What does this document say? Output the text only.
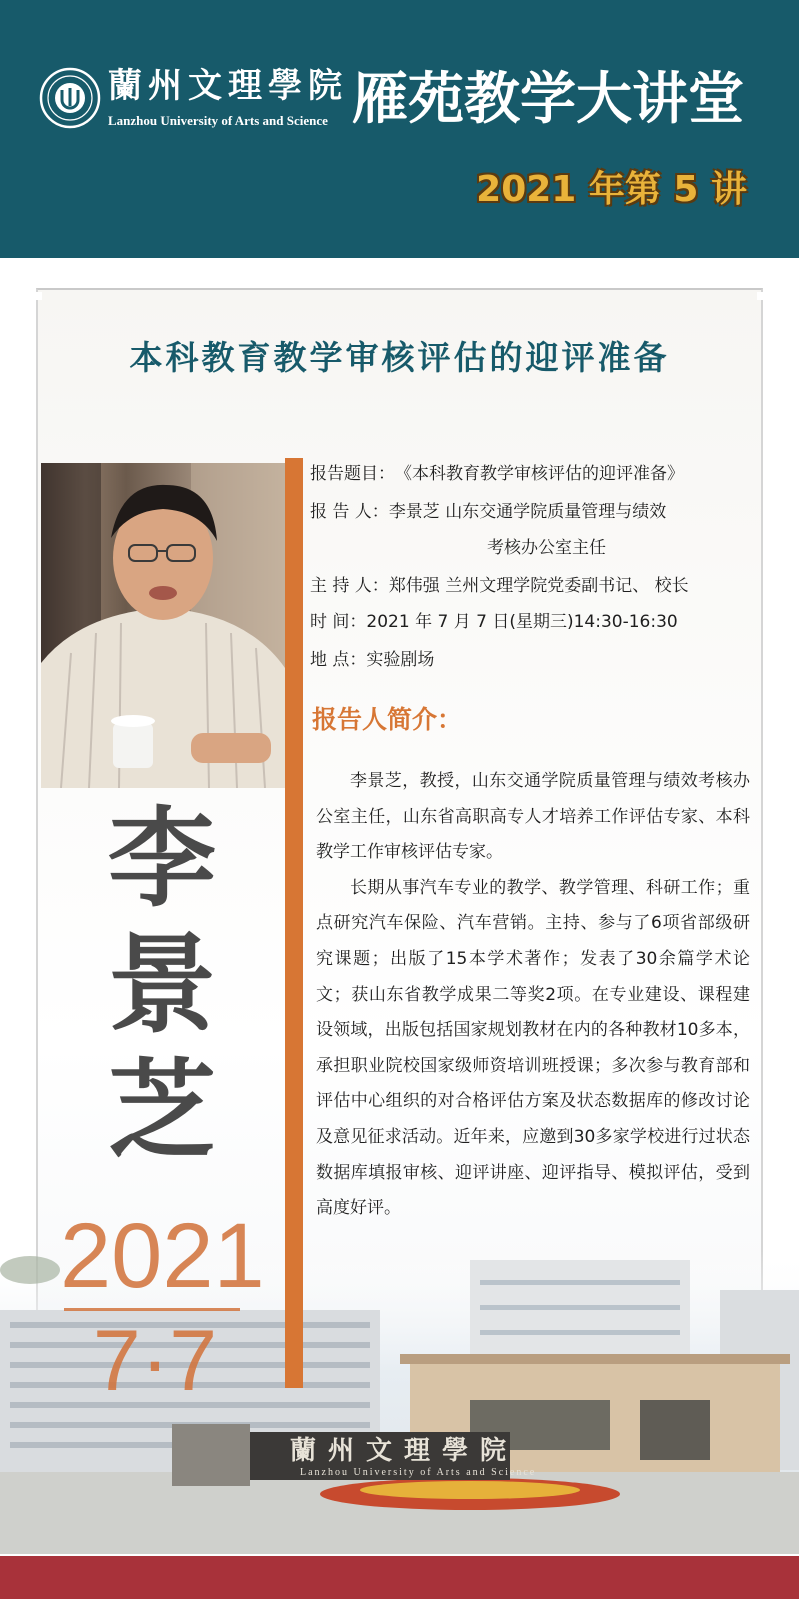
蘭州文理學院
Lanzhou University of Arts and Science 雁苑教学大讲堂
2021 年第 5 讲
本科教育教学审核评估的迎评准备
蘭州文理學院
Lanzhou University of Arts and Science
李
景
芝
2021
7·7
报告题目：《本科教育教学审核评估的迎评准备》
报 告 人：李景芝 山东交通学院质量管理与绩效
考核办公室主任
主 持 人：郑伟强 兰州文理学院党委副书记、 校长
时 间：2021 年 7 月 7 日(星期三)14:30-16:30
地 点：实验剧场
报告人简介：

李景芝，教授，山东交通学院质量管理与绩效考核办公室主任，山东省高职高专人才培养工作评估专家、本科教学工作审核评估专家。

长期从事汽车专业的教学、教学管理、科研工作；重点研究汽车保险、汽车营销。主持、参与了6项省部级研究课题；出版了15本学术著作；发表了30余篇学术论文；获山东省教学成果二等奖2项。在专业建设、课程建设领域，出版包括国家规划教材在内的各种教材10多本，承担职业院校国家级师资培训班授课；多次参与教育部和评估中心组织的对合格评估方案及状态数据库的修改讨论及意见征求活动。近年来，应邀到30多家学校进行过状态数据库填报审核、迎评讲座、迎评指导、模拟评估，受到高度好评。
